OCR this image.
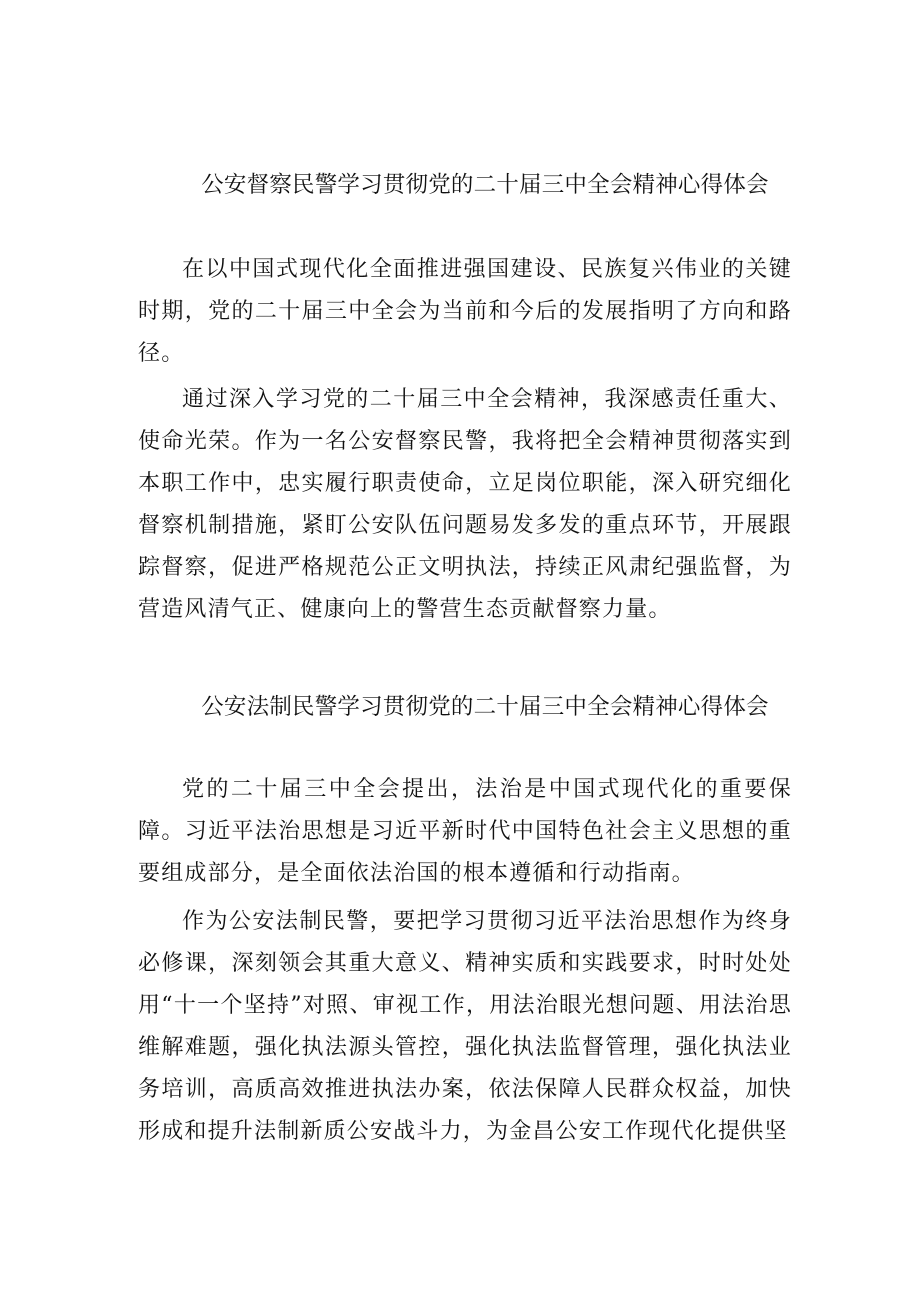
公安督察民警学习贯彻党的二十届三中全会精神心得体会

在以中国式现代化全面推进强国建设、民族复兴伟业的关键时期，党的二十届三中全会为当前和今后的发展指明了方向和路径。

通过深入学习党的二十届三中全会精神，我深感责任重大、使命光荣。作为一名公安督察民警，我将把全会精神贯彻落实到本职工作中，忠实履行职责使命，立足岗位职能，深入研究细化督察机制措施，紧盯公安队伍问题易发多发的重点环节，开展跟踪督察，促进严格规范公正文明执法，持续正风肃纪强监督，为营造风清气正、健康向上的警营生态贡献督察力量。

公安法制民警学习贯彻党的二十届三中全会精神心得体会

党的二十届三中全会提出，法治是中国式现代化的重要保障。习近平法治思想是习近平新时代中国特色社会主义思想的重要组成部分，是全面依法治国的根本遵循和行动指南。

作为公安法制民警，要把学习贯彻习近平法治思想作为终身必修课，深刻领会其重大意义、精神实质和实践要求，时时处处用“十一个坚持”对照、审视工作，用法治眼光想问题、用法治思维解难题，强化执法源头管控，强化执法监督管理，强化执法业务培训，高质高效推进执法办案，依法保障人民群众权益，加快形成和提升法制新质公安战斗力，为金昌公安工作现代化提供坚
